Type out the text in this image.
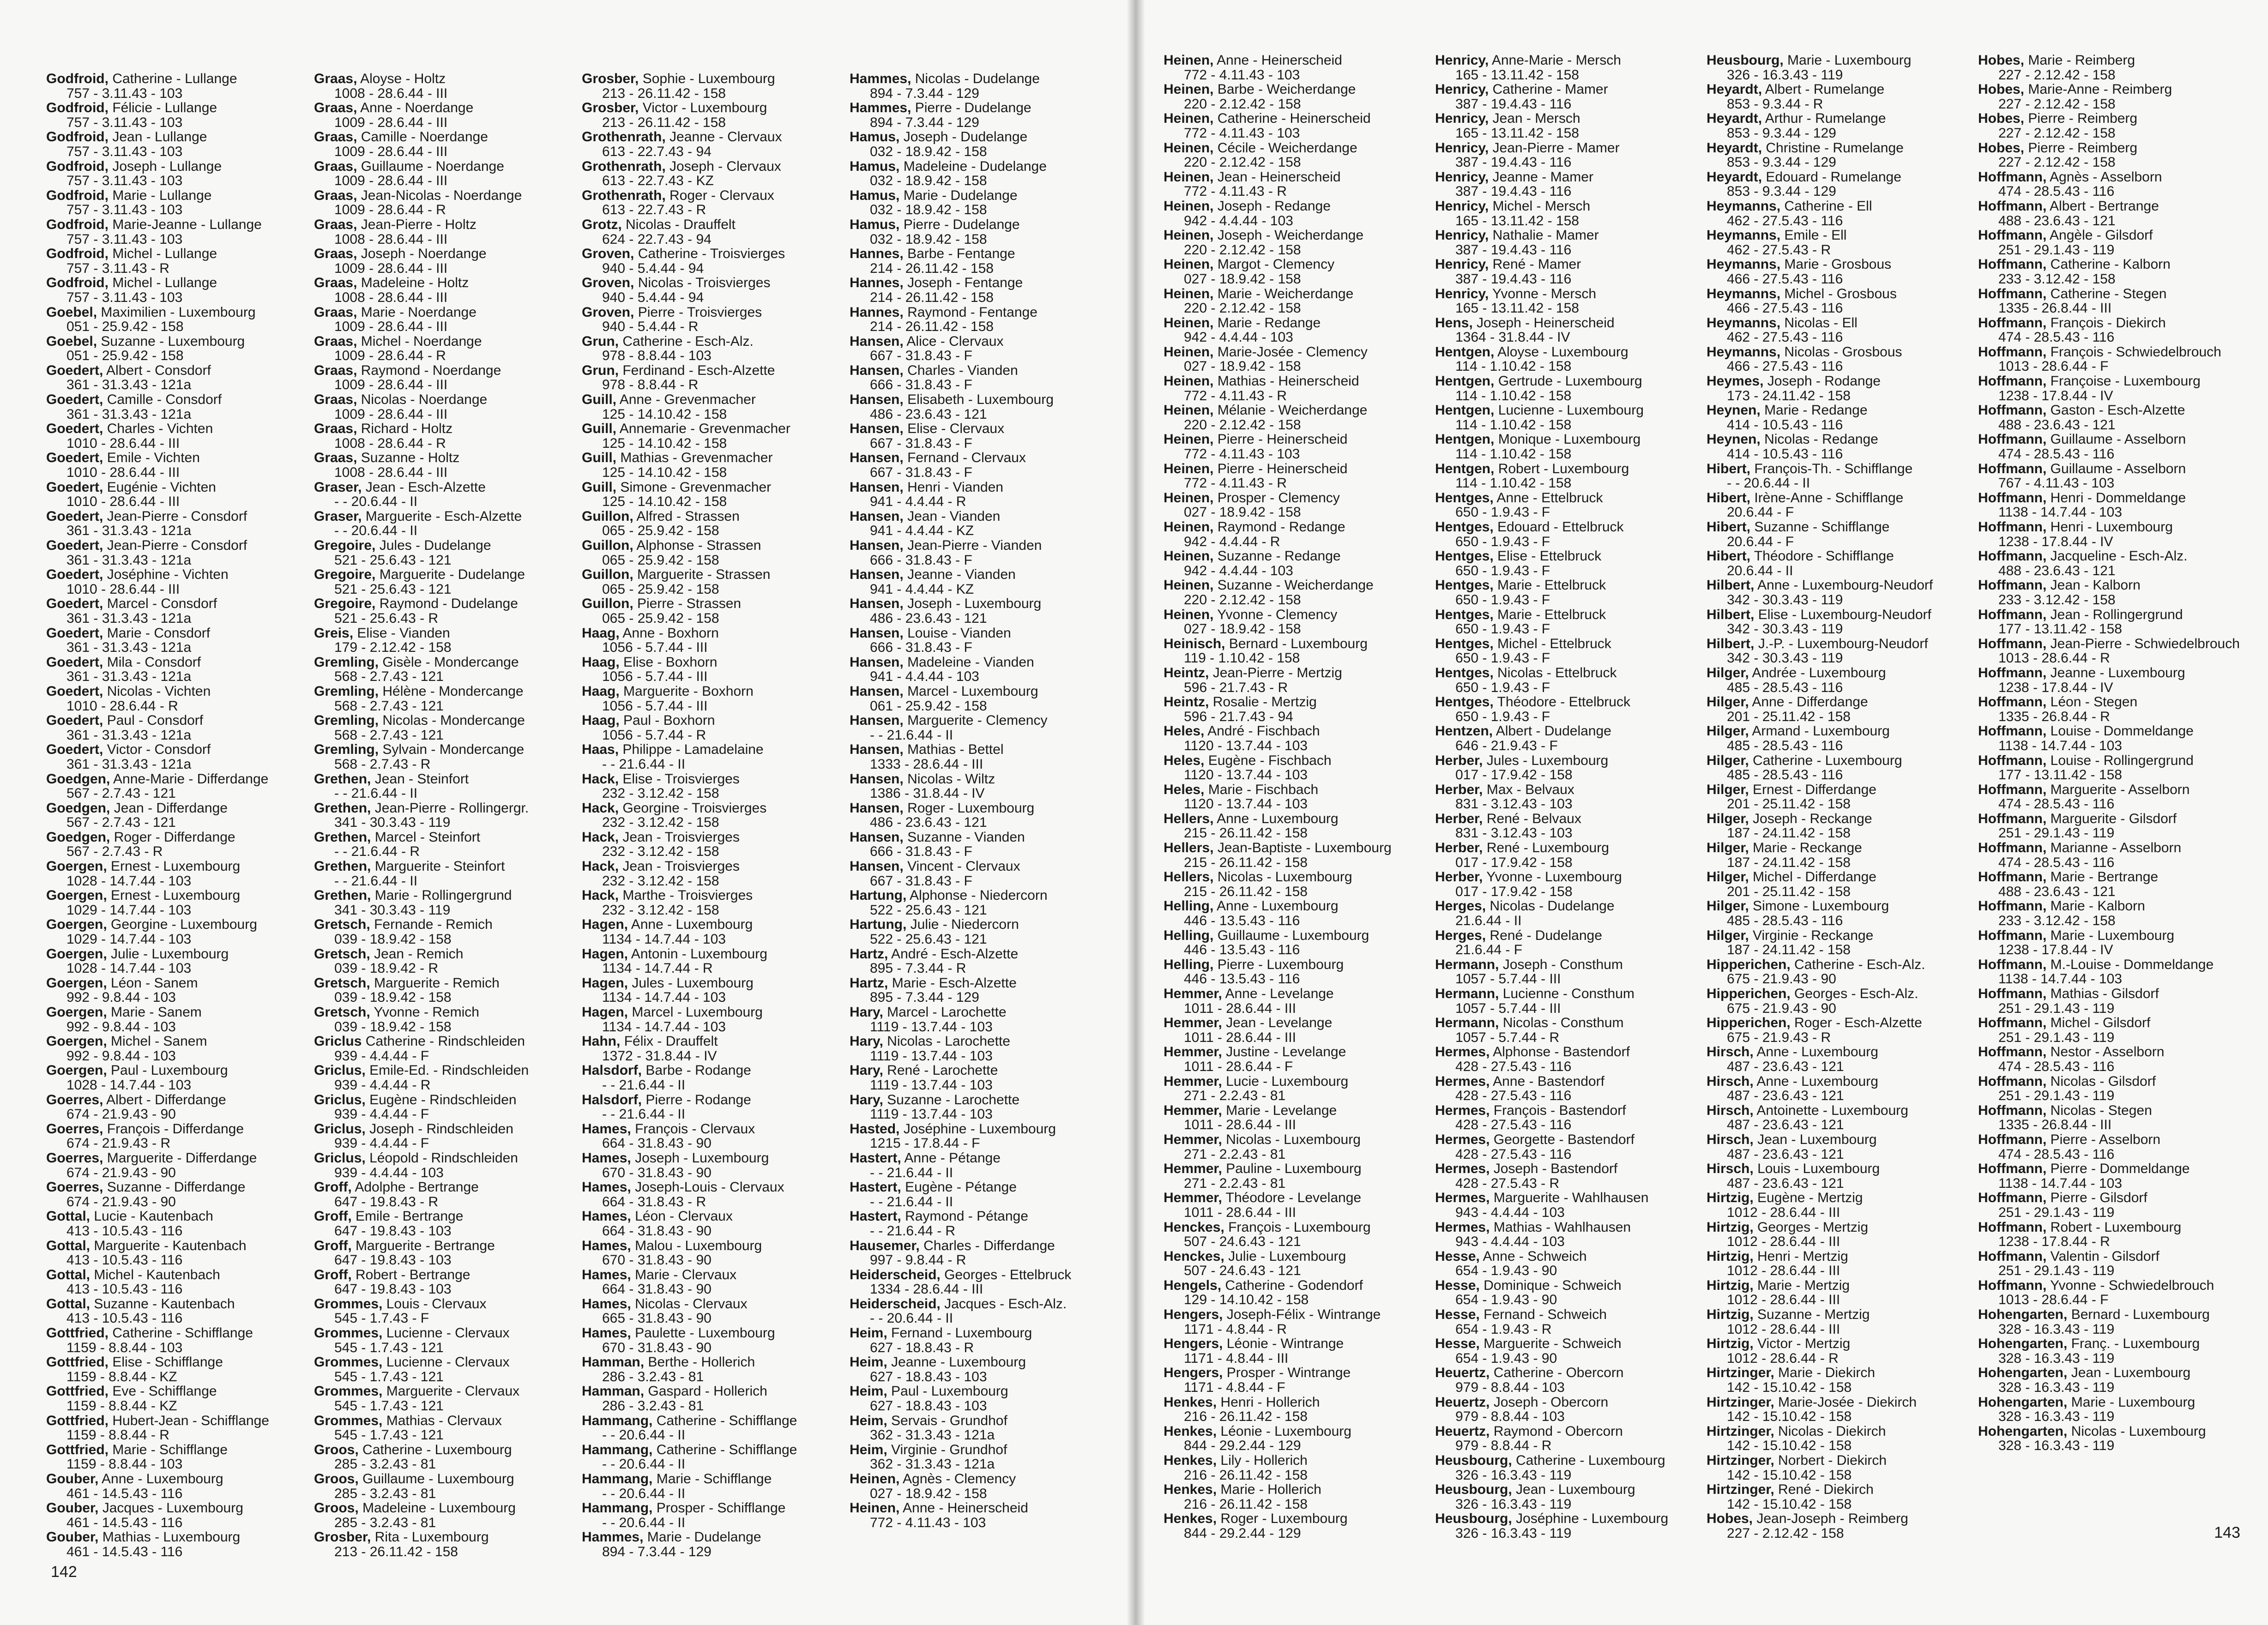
Godfroid, Catherine - Lullange
757 - 3.11.43 - 103
Godfroid, Félicie - Lullange
757 - 3.11.43 - 103
Godfroid, Jean - Lullange
757 - 3.11.43 - 103
Godfroid, Joseph - Lullange
757 - 3.11.43 - 103
Godfroid, Marie - Lullange
757 - 3.11.43 - 103
Godfroid, Marie-Jeanne - Lullange
757 - 3.11.43 - 103
Godfroid, Michel - Lullange
757 - 3.11.43 - R
Godfroid, Michel - Lullange
757 - 3.11.43 - 103
Goebel, Maximilien - Luxembourg
051 - 25.9.42 - 158
Goebel, Suzanne - Luxembourg
051 - 25.9.42 - 158
Goedert, Albert - Consdorf
361 - 31.3.43 - 121a
Goedert, Camille - Consdorf
361 - 31.3.43 - 121a
Goedert, Charles - Vichten
1010 - 28.6.44 - III
Goedert, Emile - Vichten
1010 - 28.6.44 - III
Goedert, Eugénie - Vichten
1010 - 28.6.44 - III
Goedert, Jean-Pierre - Consdorf
361 - 31.3.43 - 121a
Goedert, Jean-Pierre - Consdorf
361 - 31.3.43 - 121a
Goedert, Joséphine - Vichten
1010 - 28.6.44 - III
Goedert, Marcel - Consdorf
361 - 31.3.43 - 121a
Goedert, Marie - Consdorf
361 - 31.3.43 - 121a
Goedert, Mila - Consdorf
361 - 31.3.43 - 121a
Goedert, Nicolas - Vichten
1010 - 28.6.44 - R
Goedert, Paul - Consdorf
361 - 31.3.43 - 121a
Goedert, Victor - Consdorf
361 - 31.3.43 - 121a
Goedgen, Anne-Marie - Differdange
567 - 2.7.43 - 121
Goedgen, Jean - Differdange
567 - 2.7.43 - 121
Goedgen, Roger - Differdange
567 - 2.7.43 - R
Goergen, Ernest - Luxembourg
1028 - 14.7.44 - 103
Goergen, Ernest - Luxembourg
1029 - 14.7.44 - 103
Goergen, Georgine - Luxembourg
1029 - 14.7.44 - 103
Goergen, Julie - Luxembourg
1028 - 14.7.44 - 103
Goergen, Léon - Sanem
992 - 9.8.44 - 103
Goergen, Marie - Sanem
992 - 9.8.44 - 103
Goergen, Michel - Sanem
992 - 9.8.44 - 103
Goergen, Paul - Luxembourg
1028 - 14.7.44 - 103
Goerres, Albert - Differdange
674 - 21.9.43 - 90
Goerres, François - Differdange
674 - 21.9.43 - R
Goerres, Marguerite - Differdange
674 - 21.9.43 - 90
Goerres, Suzanne - Differdange
674 - 21.9.43 - 90
Gottal, Lucie - Kautenbach
413 - 10.5.43 - 116
Gottal, Marguerite - Kautenbach
413 - 10.5.43 - 116
Gottal, Michel - Kautenbach
413 - 10.5.43 - 116
Gottal, Suzanne - Kautenbach
413 - 10.5.43 - 116
Gottfried, Catherine - Schifflange
1159 - 8.8.44 - 103
Gottfried, Elise - Schifflange
1159 - 8.8.44 - KZ
Gottfried, Eve - Schifflange
1159 - 8.8.44 - KZ
Gottfried, Hubert-Jean - Schifflange
1159 - 8.8.44 - R
Gottfried, Marie - Schifflange
1159 - 8.8.44 - 103
Gouber, Anne - Luxembourg
461 - 14.5.43 - 116
Gouber, Jacques - Luxembourg
461 - 14.5.43 - 116
Gouber, Mathias - Luxembourg
461 - 14.5.43 - 116
Graas, Aloyse - Holtz
1008 - 28.6.44 - III
Graas, Anne - Noerdange
1009 - 28.6.44 - III
Graas, Camille - Noerdange
1009 - 28.6.44 - III
Graas, Guillaume - Noerdange
1009 - 28.6.44 - III
Graas, Jean-Nicolas - Noerdange
1009 - 28.6.44 - R
Graas, Jean-Pierre - Holtz
1008 - 28.6.44 - III
Graas, Joseph - Noerdange
1009 - 28.6.44 - III
Graas, Madeleine - Holtz
1008 - 28.6.44 - III
Graas, Marie - Noerdange
1009 - 28.6.44 - III
Graas, Michel - Noerdange
1009 - 28.6.44 - R
Graas, Raymond - Noerdange
1009 - 28.6.44 - III
Graas, Nicolas - Noerdange
1009 - 28.6.44 - III
Graas, Richard - Holtz
1008 - 28.6.44 - R
Graas, Suzanne - Holtz
1008 - 28.6.44 - III
Graser, Jean - Esch-Alzette
- - 20.6.44 - II
Graser, Marguerite - Esch-Alzette
- - 20.6.44 - II
Gregoire, Jules - Dudelange
521 - 25.6.43 - 121
Gregoire, Marguerite - Dudelange
521 - 25.6.43 - 121
Gregoire, Raymond - Dudelange
521 - 25.6.43 - R
Greis, Elise - Vianden
179 - 2.12.42 - 158
Gremling, Gisèle - Mondercange
568 - 2.7.43 - 121
Gremling, Hélène - Mondercange
568 - 2.7.43 - 121
Gremling, Nicolas - Mondercange
568 - 2.7.43 - 121
Gremling, Sylvain - Mondercange
568 - 2.7.43 - R
Grethen, Jean - Steinfort
- - 21.6.44 - II
Grethen, Jean-Pierre - Rollingergr.
341 - 30.3.43 - 119
Grethen, Marcel - Steinfort
- - 21.6.44 - R
Grethen, Marguerite - Steinfort
- - 21.6.44 - II
Grethen, Marie - Rollingergrund
341 - 30.3.43 - 119
Gretsch, Fernande - Remich
039 - 18.9.42 - 158
Gretsch, Jean - Remich
039 - 18.9.42 - R
Gretsch, Marguerite - Remich
039 - 18.9.42 - 158
Gretsch, Yvonne - Remich
039 - 18.9.42 - 158
Griclus Catherine - Rindschleiden
939 - 4.4.44 - F
Griclus, Emile-Ed. - Rindschleiden
939 - 4.4.44 - R
Griclus, Eugène - Rindschleiden
939 - 4.4.44 - F
Griclus, Joseph - Rindschleiden
939 - 4.4.44 - F
Griclus, Léopold - Rindschleiden
939 - 4.4.44 - 103
Groff, Adolphe - Bertrange
647 - 19.8.43 - R
Groff, Emile - Bertrange
647 - 19.8.43 - 103
Groff, Marguerite - Bertrange
647 - 19.8.43 - 103
Groff, Robert - Bertrange
647 - 19.8.43 - 103
Grommes, Louis - Clervaux
545 - 1.7.43 - F
Grommes, Lucienne - Clervaux
545 - 1.7.43 - 121
Grommes, Lucienne - Clervaux
545 - 1.7.43 - 121
Grommes, Marguerite - Clervaux
545 - 1.7.43 - 121
Grommes, Mathias - Clervaux
545 - 1.7.43 - 121
Groos, Catherine - Luxembourg
285 - 3.2.43 - 81
Groos, Guillaume - Luxembourg
285 - 3.2.43 - 81
Groos, Madeleine - Luxembourg
285 - 3.2.43 - 81
Grosber, Rita - Luxembourg
213 - 26.11.42 - 158
Grosber, Sophie - Luxembourg
213 - 26.11.42 - 158
Grosber, Victor - Luxembourg
213 - 26.11.42 - 158
Grothenrath, Jeanne - Clervaux
613 - 22.7.43 - 94
Grothenrath, Joseph - Clervaux
613 - 22.7.43 - KZ
Grothenrath, Roger - Clervaux
613 - 22.7.43 - R
Grotz, Nicolas - Drauffelt
624 - 22.7.43 - 94
Groven, Catherine - Troisvierges
940 - 5.4.44 - 94
Groven, Nicolas - Troisvierges
940 - 5.4.44 - 94
Groven, Pierre - Troisvierges
940 - 5.4.44 - R
Grun, Catherine - Esch-Alz.
978 - 8.8.44 - 103
Grun, Ferdinand - Esch-Alzette
978 - 8.8.44 - R
Guill, Anne - Grevenmacher
125 - 14.10.42 - 158
Guill, Annemarie - Grevenmacher
125 - 14.10.42 - 158
Guill, Mathias - Grevenmacher
125 - 14.10.42 - 158
Guill, Simone - Grevenmacher
125 - 14.10.42 - 158
Guillon, Alfred - Strassen
065 - 25.9.42 - 158
Guillon, Alphonse - Strassen
065 - 25.9.42 - 158
Guillon, Marguerite - Strassen
065 - 25.9.42 - 158
Guillon, Pierre - Strassen
065 - 25.9.42 - 158
Haag, Anne - Boxhorn
1056 - 5.7.44 - III
Haag, Elise - Boxhorn
1056 - 5.7.44 - III
Haag, Marguerite - Boxhorn
1056 - 5.7.44 - III
Haag, Paul - Boxhorn
1056 - 5.7.44 - R
Haas, Philippe - Lamadelaine
- - 21.6.44 - II
Hack, Elise - Troisvierges
232 - 3.12.42 - 158
Hack, Georgine - Troisvierges
232 - 3.12.42 - 158
Hack, Jean - Troisvierges
232 - 3.12.42 - 158
Hack, Jean - Troisvierges
232 - 3.12.42 - 158
Hack, Marthe - Troisvierges
232 - 3.12.42 - 158
Hagen, Anne - Luxembourg
1134 - 14.7.44 - 103
Hagen, Antonin - Luxembourg
1134 - 14.7.44 - R
Hagen, Jules - Luxembourg
1134 - 14.7.44 - 103
Hagen, Marcel - Luxembourg
1134 - 14.7.44 - 103
Hahn, Félix - Drauffelt
1372 - 31.8.44 - IV
Halsdorf, Barbe - Rodange
- - 21.6.44 - II
Halsdorf, Pierre - Rodange
- - 21.6.44 - II
Hames, François - Clervaux
664 - 31.8.43 - 90
Hames, Joseph - Luxembourg
670 - 31.8.43 - 90
Hames, Joseph-Louis - Clervaux
664 - 31.8.43 - R
Hames, Léon - Clervaux
664 - 31.8.43 - 90
Hames, Malou - Luxembourg
670 - 31.8.43 - 90
Hames, Marie - Clervaux
664 - 31.8.43 - 90
Hames, Nicolas - Clervaux
665 - 31.8.43 - 90
Hames, Paulette - Luxembourg
670 - 31.8.43 - 90
Hamman, Berthe - Hollerich
286 - 3.2.43 - 81
Hamman, Gaspard - Hollerich
286 - 3.2.43 - 81
Hammang, Catherine - Schifflange
- - 20.6.44 - II
Hammang, Catherine - Schifflange
- - 20.6.44 - II
Hammang, Marie - Schifflange
- - 20.6.44 - II
Hammang, Prosper - Schifflange
- - 20.6.44 - II
Hammes, Marie - Dudelange
894 - 7.3.44 - 129
Hammes, Nicolas - Dudelange
894 - 7.3.44 - 129
Hammes, Pierre - Dudelange
894 - 7.3.44 - 129
Hamus, Joseph - Dudelange
032 - 18.9.42 - 158
Hamus, Madeleine - Dudelange
032 - 18.9.42 - 158
Hamus, Marie - Dudelange
032 - 18.9.42 - 158
Hamus, Pierre - Dudelange
032 - 18.9.42 - 158
Hannes, Barbe - Fentange
214 - 26.11.42 - 158
Hannes, Joseph - Fentange
214 - 26.11.42 - 158
Hannes, Raymond - Fentange
214 - 26.11.42 - 158
Hansen, Alice - Clervaux
667 - 31.8.43 - F
Hansen, Charles - Vianden
666 - 31.8.43 - F
Hansen, Elisabeth - Luxembourg
486 - 23.6.43 - 121
Hansen, Elise - Clervaux
667 - 31.8.43 - F
Hansen, Fernand - Clervaux
667 - 31.8.43 - F
Hansen, Henri - Vianden
941 - 4.4.44 - R
Hansen, Jean - Vianden
941 - 4.4.44 - KZ
Hansen, Jean-Pierre - Vianden
666 - 31.8.43 - F
Hansen, Jeanne - Vianden
941 - 4.4.44 - KZ
Hansen, Joseph - Luxembourg
486 - 23.6.43 - 121
Hansen, Louise - Vianden
666 - 31.8.43 - F
Hansen, Madeleine - Vianden
941 - 4.4.44 - 103
Hansen, Marcel - Luxembourg
061 - 25.9.42 - 158
Hansen, Marguerite - Clemency
- - 21.6.44 - II
Hansen, Mathias - Bettel
1333 - 28.6.44 - III
Hansen, Nicolas - Wiltz
1386 - 31.8.44 - IV
Hansen, Roger - Luxembourg
486 - 23.6.43 - 121
Hansen, Suzanne - Vianden
666 - 31.8.43 - F
Hansen, Vincent - Clervaux
667 - 31.8.43 - F
Hartung, Alphonse - Niedercorn
522 - 25.6.43 - 121
Hartung, Julie - Niedercorn
522 - 25.6.43 - 121
Hartz, André - Esch-Alzette
895 - 7.3.44 - R
Hartz, Marie - Esch-Alzette
895 - 7.3.44 - 129
Hary, Marcel - Larochette
1119 - 13.7.44 - 103
Hary, Nicolas - Larochette
1119 - 13.7.44 - 103
Hary, René - Larochette
1119 - 13.7.44 - 103
Hary, Suzanne - Larochette
1119 - 13.7.44 - 103
Hasted, Joséphine - Luxembourg
1215 - 17.8.44 - F
Hastert, Anne - Pétange
- - 21.6.44 - II
Hastert, Eugène - Pétange
- - 21.6.44 - II
Hastert, Raymond - Pétange
- - 21.6.44 - R
Hausemer, Charles - Differdange
997 - 9.8.44 - R
Heiderscheid, Georges - Ettelbruck
1334 - 28.6.44 - III
Heiderscheid, Jacques - Esch-Alz.
- - 20.6.44 - II
Heim, Fernand - Luxembourg
627 - 18.8.43 - R
Heim, Jeanne - Luxembourg
627 - 18.8.43 - 103
Heim, Paul - Luxembourg
627 - 18.8.43 - 103
Heim, Servais - Grundhof
362 - 31.3.43 - 121a
Heim, Virginie - Grundhof
362 - 31.3.43 - 121a
Heinen, Agnès - Clemency
027 - 18.9.42 - 158
Heinen, Anne - Heinerscheid
772 - 4.11.43 - 103
142
Heinen, Anne - Heinerscheid
772 - 4.11.43 - 103
Heinen, Barbe - Weicherdange
220 - 2.12.42 - 158
Heinen, Catherine - Heinerscheid
772 - 4.11.43 - 103
Heinen, Cécile - Weicherdange
220 - 2.12.42 - 158
Heinen, Jean - Heinerscheid
772 - 4.11.43 - R
Heinen, Joseph - Redange
942 - 4.4.44 - 103
Heinen, Joseph - Weicherdange
220 - 2.12.42 - 158
Heinen, Margot - Clemency
027 - 18.9.42 - 158
Heinen, Marie - Weicherdange
220 - 2.12.42 - 158
Heinen, Marie - Redange
942 - 4.4.44 - 103
Heinen, Marie-Josée - Clemency
027 - 18.9.42 - 158
Heinen, Mathias - Heinerscheid
772 - 4.11.43 - R
Heinen, Mélanie - Weicherdange
220 - 2.12.42 - 158
Heinen, Pierre - Heinerscheid
772 - 4.11.43 - 103
Heinen, Pierre - Heinerscheid
772 - 4.11.43 - R
Heinen, Prosper - Clemency
027 - 18.9.42 - 158
Heinen, Raymond - Redange
942 - 4.4.44 - R
Heinen, Suzanne - Redange
942 - 4.4.44 - 103
Heinen, Suzanne - Weicherdange
220 - 2.12.42 - 158
Heinen, Yvonne - Clemency
027 - 18.9.42 - 158
Heinisch, Bernard - Luxembourg
119 - 1.10.42 - 158
Heintz, Jean-Pierre - Mertzig
596 - 21.7.43 - R
Heintz, Rosalie - Mertzig
596 - 21.7.43 - 94
Heles, André - Fischbach
1120 - 13.7.44 - 103
Heles, Eugène - Fischbach
1120 - 13.7.44 - 103
Heles, Marie - Fischbach
1120 - 13.7.44 - 103
Hellers, Anne - Luxembourg
215 - 26.11.42 - 158
Hellers, Jean-Baptiste - Luxembourg
215 - 26.11.42 - 158
Hellers, Nicolas - Luxembourg
215 - 26.11.42 - 158
Helling, Anne - Luxembourg
446 - 13.5.43 - 116
Helling, Guillaume - Luxembourg
446 - 13.5.43 - 116
Helling, Pierre - Luxembourg
446 - 13.5.43 - 116
Hemmer, Anne - Levelange
1011 - 28.6.44 - III
Hemmer, Jean - Levelange
1011 - 28.6.44 - III
Hemmer, Justine - Levelange
1011 - 28.6.44 - F
Hemmer, Lucie - Luxembourg
271 - 2.2.43 - 81
Hemmer, Marie - Levelange
1011 - 28.6.44 - III
Hemmer, Nicolas - Luxembourg
271 - 2.2.43 - 81
Hemmer, Pauline - Luxembourg
271 - 2.2.43 - 81
Hemmer, Théodore - Levelange
1011 - 28.6.44 - III
Henckes, François - Luxembourg
507 - 24.6.43 - 121
Henckes, Julie - Luxembourg
507 - 24.6.43 - 121
Hengels, Catherine - Godendorf
129 - 14.10.42 - 158
Hengers, Joseph-Félix - Wintrange
1171 - 4.8.44 - R
Hengers, Léonie - Wintrange
1171 - 4.8.44 - III
Hengers, Prosper - Wintrange
1171 - 4.8.44 - F
Henkes, Henri - Hollerich
216 - 26.11.42 - 158
Henkes, Léonie - Luxembourg
844 - 29.2.44 - 129
Henkes, Lily - Hollerich
216 - 26.11.42 - 158
Henkes, Marie - Hollerich
216 - 26.11.42 - 158
Henkes, Roger - Luxembourg
844 - 29.2.44 - 129
Henricy, Anne-Marie - Mersch
165 - 13.11.42 - 158
Henricy, Catherine - Mamer
387 - 19.4.43 - 116
Henricy, Jean - Mersch
165 - 13.11.42 - 158
Henricy, Jean-Pierre - Mamer
387 - 19.4.43 - 116
Henricy, Jeanne - Mamer
387 - 19.4.43 - 116
Henricy, Michel - Mersch
165 - 13.11.42 - 158
Henricy, Nathalie - Mamer
387 - 19.4.43 - 116
Henricy, René - Mamer
387 - 19.4.43 - 116
Henricy, Yvonne - Mersch
165 - 13.11.42 - 158
Hens, Joseph - Heinerscheid
1364 - 31.8.44 - IV
Hentgen, Aloyse - Luxembourg
114 - 1.10.42 - 158
Hentgen, Gertrude - Luxembourg
114 - 1.10.42 - 158
Hentgen, Lucienne - Luxembourg
114 - 1.10.42 - 158
Hentgen, Monique - Luxembourg
114 - 1.10.42 - 158
Hentgen, Robert - Luxembourg
114 - 1.10.42 - 158
Hentges, Anne - Ettelbruck
650 - 1.9.43 - F
Hentges, Edouard - Ettelbruck
650 - 1.9.43 - F
Hentges, Elise - Ettelbruck
650 - 1.9.43 - F
Hentges, Marie - Ettelbruck
650 - 1.9.43 - F
Hentges, Marie - Ettelbruck
650 - 1.9.43 - F
Hentges, Michel - Ettelbruck
650 - 1.9.43 - F
Hentges, Nicolas - Ettelbruck
650 - 1.9.43 - F
Hentges, Théodore - Ettelbruck
650 - 1.9.43 - F
Hentzen, Albert - Dudelange
646 - 21.9.43 - F
Herber, Jules - Luxembourg
017 - 17.9.42 - 158
Herber, Max - Belvaux
831 - 3.12.43 - 103
Herber, René - Belvaux
831 - 3.12.43 - 103
Herber, René - Luxembourg
017 - 17.9.42 - 158
Herber, Yvonne - Luxembourg
017 - 17.9.42 - 158
Herges, Nicolas - Dudelange
21.6.44 - II
Herges, René - Dudelange
21.6.44 - F
Hermann, Joseph - Consthum
1057 - 5.7.44 - III
Hermann, Lucienne - Consthum
1057 - 5.7.44 - III
Hermann, Nicolas - Consthum
1057 - 5.7.44 - R
Hermes, Alphonse - Bastendorf
428 - 27.5.43 - 116
Hermes, Anne - Bastendorf
428 - 27.5.43 - 116
Hermes, François - Bastendorf
428 - 27.5.43 - 116
Hermes, Georgette - Bastendorf
428 - 27.5.43 - 116
Hermes, Joseph - Bastendorf
428 - 27.5.43 - R
Hermes, Marguerite - Wahlhausen
943 - 4.4.44 - 103
Hermes, Mathias - Wahlhausen
943 - 4.4.44 - 103
Hesse, Anne - Schweich
654 - 1.9.43 - 90
Hesse, Dominique - Schweich
654 - 1.9.43 - 90
Hesse, Fernand - Schweich
654 - 1.9.43 - R
Hesse, Marguerite - Schweich
654 - 1.9.43 - 90
Heuertz, Catherine - Obercorn
979 - 8.8.44 - 103
Heuertz, Joseph - Obercorn
979 - 8.8.44 - 103
Heuertz, Raymond - Obercorn
979 - 8.8.44 - R
Heusbourg, Catherine - Luxembourg
326 - 16.3.43 - 119
Heusbourg, Jean - Luxembourg
326 - 16.3.43 - 119
Heusbourg, Joséphine - Luxembourg
326 - 16.3.43 - 119
Heusbourg, Marie - Luxembourg
326 - 16.3.43 - 119
Heyardt, Albert - Rumelange
853 - 9.3.44 - R
Heyardt, Arthur - Rumelange
853 - 9.3.44 - 129
Heyardt, Christine - Rumelange
853 - 9.3.44 - 129
Heyardt, Edouard - Rumelange
853 - 9.3.44 - 129
Heymanns, Catherine - Ell
462 - 27.5.43 - 116
Heymanns, Emile - Ell
462 - 27.5.43 - R
Heymanns, Marie - Grosbous
466 - 27.5.43 - 116
Heymanns, Michel - Grosbous
466 - 27.5.43 - 116
Heymanns, Nicolas - Ell
462 - 27.5.43 - 116
Heymanns, Nicolas - Grosbous
466 - 27.5.43 - 116
Heymes, Joseph - Rodange
173 - 24.11.42 - 158
Heynen, Marie - Redange
414 - 10.5.43 - 116
Heynen, Nicolas - Redange
414 - 10.5.43 - 116
Hibert, François-Th. - Schifflange
- - 20.6.44 - II
Hibert, Irène-Anne - Schifflange
20.6.44 - F
Hibert, Suzanne - Schifflange
20.6.44 - F
Hibert, Théodore - Schifflange
20.6.44 - II
Hilbert, Anne - Luxembourg-Neudorf
342 - 30.3.43 - 119
Hilbert, Elise - Luxembourg-Neudorf
342 - 30.3.43 - 119
Hilbert, J.-P. - Luxembourg-Neudorf
342 - 30.3.43 - 119
Hilger, Andrée - Luxembourg
485 - 28.5.43 - 116
Hilger, Anne - Differdange
201 - 25.11.42 - 158
Hilger, Armand - Luxembourg
485 - 28.5.43 - 116
Hilger, Catherine - Luxembourg
485 - 28.5.43 - 116
Hilger, Ernest - Differdange
201 - 25.11.42 - 158
Hilger, Joseph - Reckange
187 - 24.11.42 - 158
Hilger, Marie - Reckange
187 - 24.11.42 - 158
Hilger, Michel - Differdange
201 - 25.11.42 - 158
Hilger, Simone - Luxembourg
485 - 28.5.43 - 116
Hilger, Virginie - Reckange
187 - 24.11.42 - 158
Hipperichen, Catherine - Esch-Alz.
675 - 21.9.43 - 90
Hipperichen, Georges - Esch-Alz.
675 - 21.9.43 - 90
Hipperichen, Roger - Esch-Alzette
675 - 21.9.43 - R
Hirsch, Anne - Luxembourg
487 - 23.6.43 - 121
Hirsch, Anne - Luxembourg
487 - 23.6.43 - 121
Hirsch, Antoinette - Luxembourg
487 - 23.6.43 - 121
Hirsch, Jean - Luxembourg
487 - 23.6.43 - 121
Hirsch, Louis - Luxembourg
487 - 23.6.43 - 121
Hirtzig, Eugène - Mertzig
1012 - 28.6.44 - III
Hirtzig, Georges - Mertzig
1012 - 28.6.44 - III
Hirtzig, Henri - Mertzig
1012 - 28.6.44 - III
Hirtzig, Marie - Mertzig
1012 - 28.6.44 - III
Hirtzig, Suzanne - Mertzig
1012 - 28.6.44 - III
Hirtzig, Victor - Mertzig
1012 - 28.6.44 - R
Hirtzinger, Marie - Diekirch
142 - 15.10.42 - 158
Hirtzinger, Marie-Josée - Diekirch
142 - 15.10.42 - 158
Hirtzinger, Nicolas - Diekirch
142 - 15.10.42 - 158
Hirtzinger, Norbert - Diekirch
142 - 15.10.42 - 158
Hirtzinger, René - Diekirch
142 - 15.10.42 - 158
Hobes, Jean-Joseph - Reimberg
227 - 2.12.42 - 158
Hobes, Marie - Reimberg
227 - 2.12.42 - 158
Hobes, Marie-Anne - Reimberg
227 - 2.12.42 - 158
Hobes, Pierre - Reimberg
227 - 2.12.42 - 158
Hobes, Pierre - Reimberg
227 - 2.12.42 - 158
Hoffmann, Agnès - Asselborn
474 - 28.5.43 - 116
Hoffmann, Albert - Bertrange
488 - 23.6.43 - 121
Hoffmann, Angèle - Gilsdorf
251 - 29.1.43 - 119
Hoffmann, Catherine - Kalborn
233 - 3.12.42 - 158
Hoffmann, Catherine - Stegen
1335 - 26.8.44 - III
Hoffmann, François - Diekirch
474 - 28.5.43 - 116
Hoffmann, François - Schwiedelbrouch
1013 - 28.6.44 - F
Hoffmann, Françoise - Luxembourg
1238 - 17.8.44 - IV
Hoffmann, Gaston - Esch-Alzette
488 - 23.6.43 - 121
Hoffmann, Guillaume - Asselborn
474 - 28.5.43 - 116
Hoffmann, Guillaume - Asselborn
767 - 4.11.43 - 103
Hoffmann, Henri - Dommeldange
1138 - 14.7.44 - 103
Hoffmann, Henri - Luxembourg
1238 - 17.8.44 - IV
Hoffmann, Jacqueline - Esch-Alz.
488 - 23.6.43 - 121
Hoffmann, Jean - Kalborn
233 - 3.12.42 - 158
Hoffmann, Jean - Rollingergrund
177 - 13.11.42 - 158
Hoffmann, Jean-Pierre - Schwiedelbrouch
1013 - 28.6.44 - R
Hoffmann, Jeanne - Luxembourg
1238 - 17.8.44 - IV
Hoffmann, Léon - Stegen
1335 - 26.8.44 - R
Hoffmann, Louise - Dommeldange
1138 - 14.7.44 - 103
Hoffmann, Louise - Rollingergrund
177 - 13.11.42 - 158
Hoffmann, Marguerite - Asselborn
474 - 28.5.43 - 116
Hoffmann, Marguerite - Gilsdorf
251 - 29.1.43 - 119
Hoffmann, Marianne - Asselborn
474 - 28.5.43 - 116
Hoffmann, Marie - Bertrange
488 - 23.6.43 - 121
Hoffmann, Marie - Kalborn
233 - 3.12.42 - 158
Hoffmann, Marie - Luxembourg
1238 - 17.8.44 - IV
Hoffmann, M.-Louise - Dommeldange
1138 - 14.7.44 - 103
Hoffmann, Mathias - Gilsdorf
251 - 29.1.43 - 119
Hoffmann, Michel - Gilsdorf
251 - 29.1.43 - 119
Hoffmann, Nestor - Asselborn
474 - 28.5.43 - 116
Hoffmann, Nicolas - Gilsdorf
251 - 29.1.43 - 119
Hoffmann, Nicolas - Stegen
1335 - 26.8.44 - III
Hoffmann, Pierre - Asselborn
474 - 28.5.43 - 116
Hoffmann, Pierre - Dommeldange
1138 - 14.7.44 - 103
Hoffmann, Pierre - Gilsdorf
251 - 29.1.43 - 119
Hoffmann, Robert - Luxembourg
1238 - 17.8.44 - R
Hoffmann, Valentin - Gilsdorf
251 - 29.1.43 - 119
Hoffmann, Yvonne - Schwiedelbrouch
1013 - 28.6.44 - F
Hohengarten, Bernard - Luxembourg
328 - 16.3.43 - 119
Hohengarten, Franç. - Luxembourg
328 - 16.3.43 - 119
Hohengarten, Jean - Luxembourg
328 - 16.3.43 - 119
Hohengarten, Marie - Luxembourg
328 - 16.3.43 - 119
Hohengarten, Nicolas - Luxembourg
328 - 16.3.43 - 119
143
